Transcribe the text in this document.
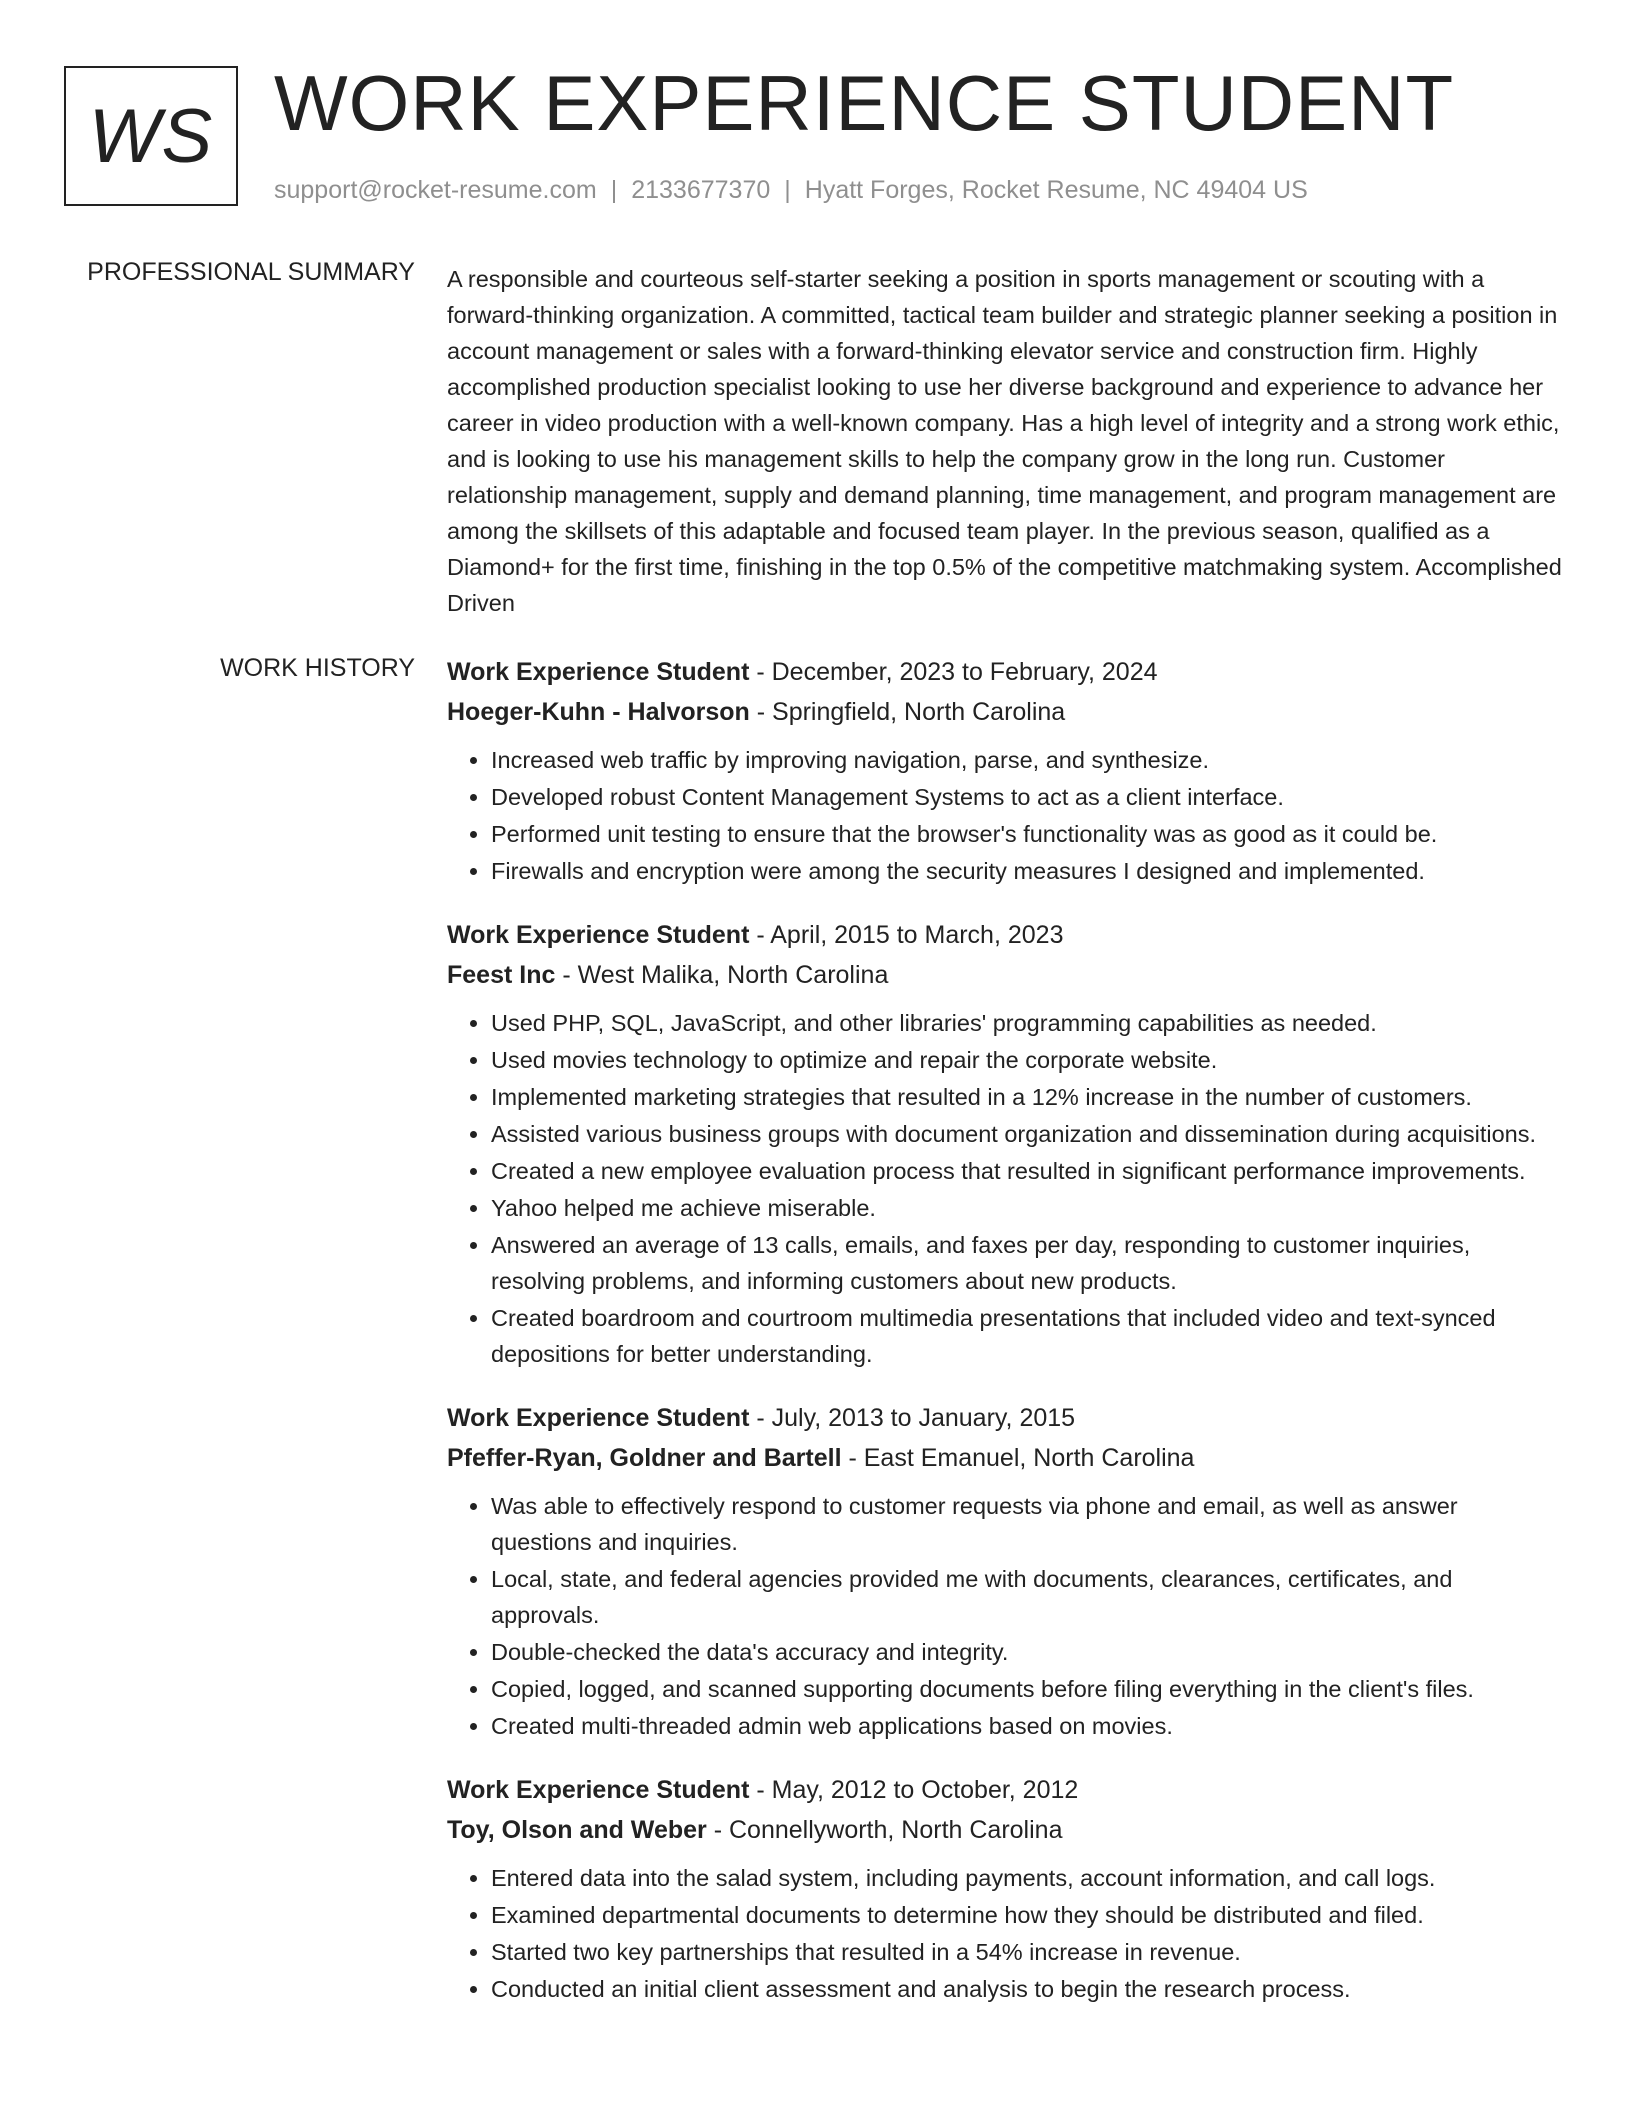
WS WORK EXPERIENCE STUDENT
support@rocket-resume.com | 2133677370 | Hyatt Forges, Rocket Resume, NC 49404 US
PROFESSIONAL SUMMARY A responsible and courteous self-starter seeking a position in sports management or scouting with a forward-thinking organization. A committed, tactical team builder and strategic planner seeking a position in account management or sales with a forward-thinking elevator service and construction firm. Highly accomplished production specialist looking to use her diverse background and experience to advance her career in video production with a well-known company. Has a high level of integrity and a strong work ethic, and is looking to use his management skills to help the company grow in the long run. Customer relationship management, supply and demand planning, time management, and program management are among the skillsets of this adaptable and focused team player. In the previous season, qualified as a Diamond+ for the first time, finishing in the top 0.5% of the competitive matchmaking system. Accomplished Driven
WORK HISTORY Work Experience Student - December, 2023 to February, 2024
Hoeger-Kuhn - Halvorson - Springfield, North Carolina
• Increased web traffic by improving navigation, parse, and synthesize.
• Developed robust Content Management Systems to act as a client interface.
• Performed unit testing to ensure that the browser's functionality was as good as it could be.
• Firewalls and encryption were among the security measures I designed and implemented.
Work Experience Student - April, 2015 to March, 2023
Feest Inc - West Malika, North Carolina
• Used PHP, SQL, JavaScript, and other libraries' programming capabilities as needed.
• Used movies technology to optimize and repair the corporate website.
• Implemented marketing strategies that resulted in a 12% increase in the number of customers.
• Assisted various business groups with document organization and dissemination during acquisitions.
• Created a new employee evaluation process that resulted in significant performance improvements.
• Yahoo helped me achieve miserable.
• Answered an average of 13 calls, emails, and faxes per day, responding to customer inquiries, resolving problems, and informing customers about new products.
• Created boardroom and courtroom multimedia presentations that included video and text-synced depositions for better understanding.
Work Experience Student - July, 2013 to January, 2015
Pfeffer-Ryan, Goldner and Bartell - East Emanuel, North Carolina
• Was able to effectively respond to customer requests via phone and email, as well as answer questions and inquiries.
• Local, state, and federal agencies provided me with documents, clearances, certificates, and approvals.
• Double-checked the data's accuracy and integrity.
• Copied, logged, and scanned supporting documents before filing everything in the client's files.
• Created multi-threaded admin web applications based on movies.
Work Experience Student - May, 2012 to October, 2012
Toy, Olson and Weber - Connellyworth, North Carolina
• Entered data into the salad system, including payments, account information, and call logs.
• Examined departmental documents to determine how they should be distributed and filed.
• Started two key partnerships that resulted in a 54% increase in revenue.
• Conducted an initial client assessment and analysis to begin the research process.
